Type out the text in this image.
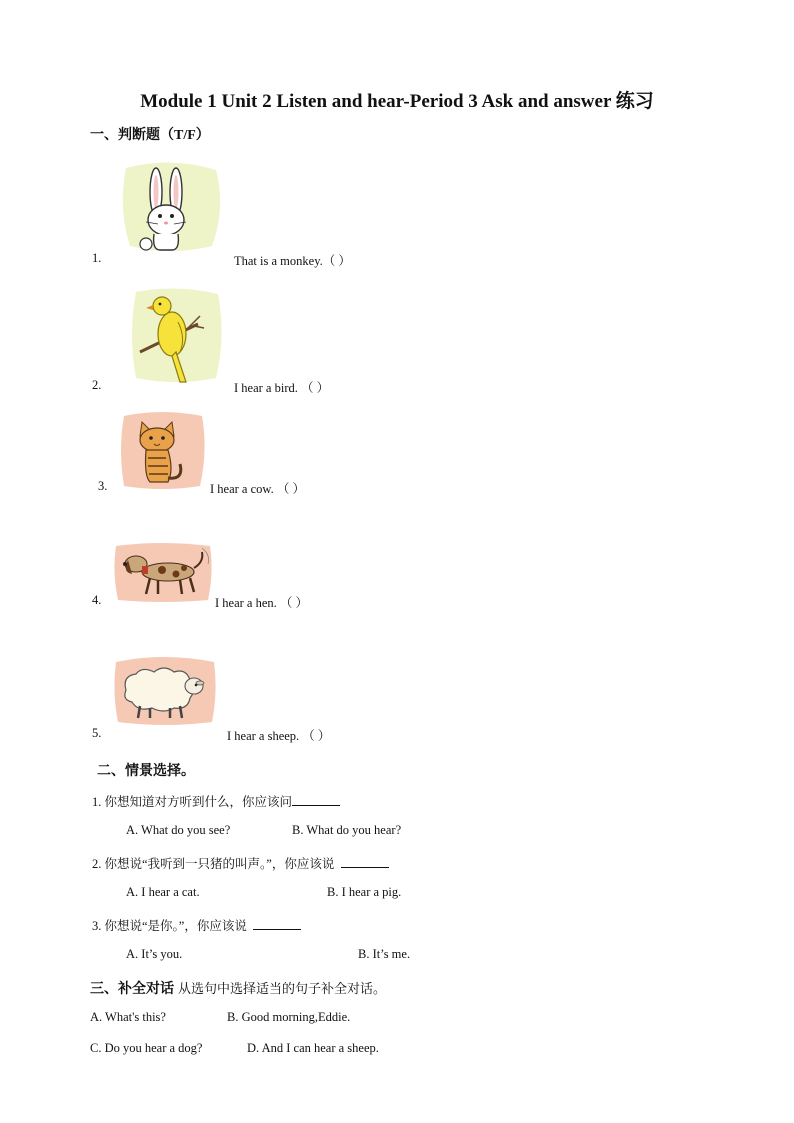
Module 1 Unit 2 Listen and hear-Period 3 Ask and answer 练习
一、判断题（T/F）
1.	That is a monkey.（ ）
2.	I hear a bird. （ ）
3.	I hear a cow. （ ）
4.	I hear a hen. （ ）
5.	I hear a sheep. （ ）
二、情景选择。
1. 你想知道对方听到什么，你应该问
A. What do you see?	B. What do you hear?
2. 你想说“我听到一只猪的叫声。”，你应该说
A. I hear a cat.	B. I hear a pig.
3. 你想说“是你。”，你应该说
A. It’s you.	B. It’s me.
三、补全对话 从选句中选择适当的句子补全对话。
A. What's this?	B. Good morning,Eddie.
C. Do you hear a dog?	D. And I can hear a sheep.
